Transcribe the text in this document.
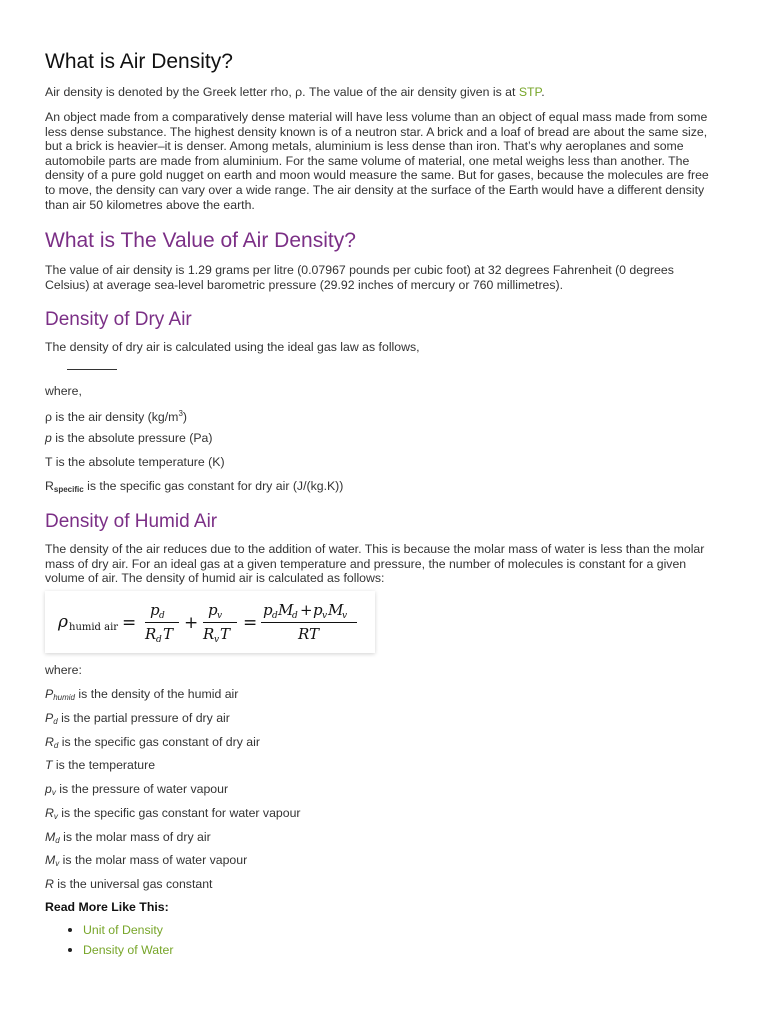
What is Air Density?

Air density is denoted by the Greek letter rho, ρ. The value of the air density given is at STP.

An object made from a comparatively dense material will have less volume than an object of equal mass made from some less dense substance. The highest density known is of a neutron star. A brick and a loaf of bread are about the same size, but a brick is heavier–it is denser. Among metals, aluminium is less dense than iron. That’s why aeroplanes and some automobile parts are made from aluminium. For the same volume of material, one metal weighs less than another. The density of a pure gold nugget on earth and moon would measure the same. But for gases, because the molecules are free to move, the density can vary over a wide range. The air density at the surface of the Earth would have a different density than air 50 kilometres above the earth.

What is The Value of Air Density?

The value of air density is 1.29 grams per litre (0.07967 pounds per cubic foot) at 32 degrees Fahrenheit (0 degrees Celsius) at average sea-level barometric pressure (29.92 inches of mercury or 760 millimetres).

Density of Dry Air

The density of dry air is calculated using the ideal gas law as follows,

where,

ρ is the air density $(kg/m^3)$

p is the absolute pressure (Pa)

T is the absolute temperature (K)

$R_{specific}$ is the specific gas constant for dry air (J/(kg.K))

Density of Humid Air

The density of the air reduces due to the addition of water. This is because the molar mass of water is less than the molar mass of dry air. For an ideal gas at a given temperature and pressure, the number of molecules is constant for a given volume of air. The density of humid air is calculated as follows:

ρ humid air =
p d
R d T
+
p v
R v T
=
p d M
d + p v M
v
RT

where:

Phumid is the density of the humid air

Pd is the partial pressure of dry air

Rd is the specific gas constant of dry air

T is the temperature

pv is the pressure of water vapour

Rv is the specific gas constant for water vapour

Md is the molar mass of dry air

Mv is the molar mass of water vapour

R is the universal gas constant

Read More Like This:

Unit of Density
Density of Water
